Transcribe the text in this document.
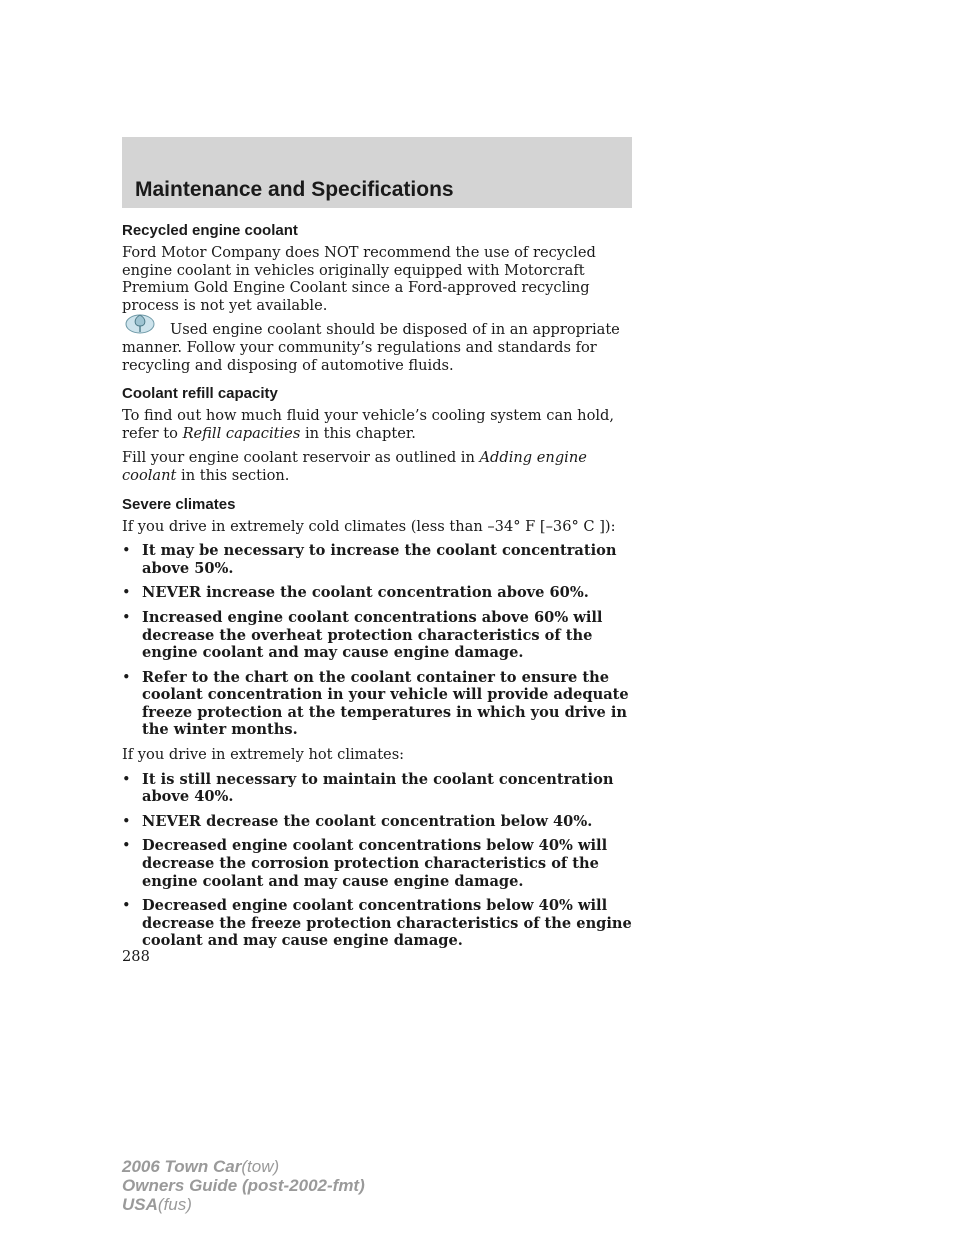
Maintenance and Specifications
Recycled engine coolant

Ford Motor Company does NOT recommend the use of recycled engine coolant in vehicles originally equipped with Motorcraft Premium Gold Engine Coolant since a Ford-approved recycling process is not yet available.

Used engine coolant should be disposed of in an appropriate manner. Follow your community’s regulations and standards for recycling and disposing of automotive fluids.

Coolant refill capacity

To find out how much fluid your vehicle’s cooling system can hold, refer to Refill capacities in this chapter.

Fill your engine coolant reservoir as outlined in Adding engine coolant in this section.

Severe climates

If you drive in extremely cold climates (less than –34° F [–36° C ]):

• It may be necessary to increase the coolant concentration above 50%.
• NEVER increase the coolant concentration above 60%.
• Increased engine coolant concentrations above 60% will decrease the overheat protection characteristics of the engine coolant and may cause engine damage.
• Refer to the chart on the coolant container to ensure the coolant concentration in your vehicle will provide adequate freeze protection at the temperatures in which you drive in the winter months.

If you drive in extremely hot climates:

• It is still necessary to maintain the coolant concentration above 40%.
• NEVER decrease the coolant concentration below 40%.
• Decreased engine coolant concentrations below 40% will decrease the corrosion protection characteristics of the engine coolant and may cause engine damage.
• Decreased engine coolant concentrations below 40% will decrease the freeze protection characteristics of the engine coolant and may cause engine damage.
288
2006 Town Car(tow)
Owners Guide (post-2002-fmt)
USA(fus)
